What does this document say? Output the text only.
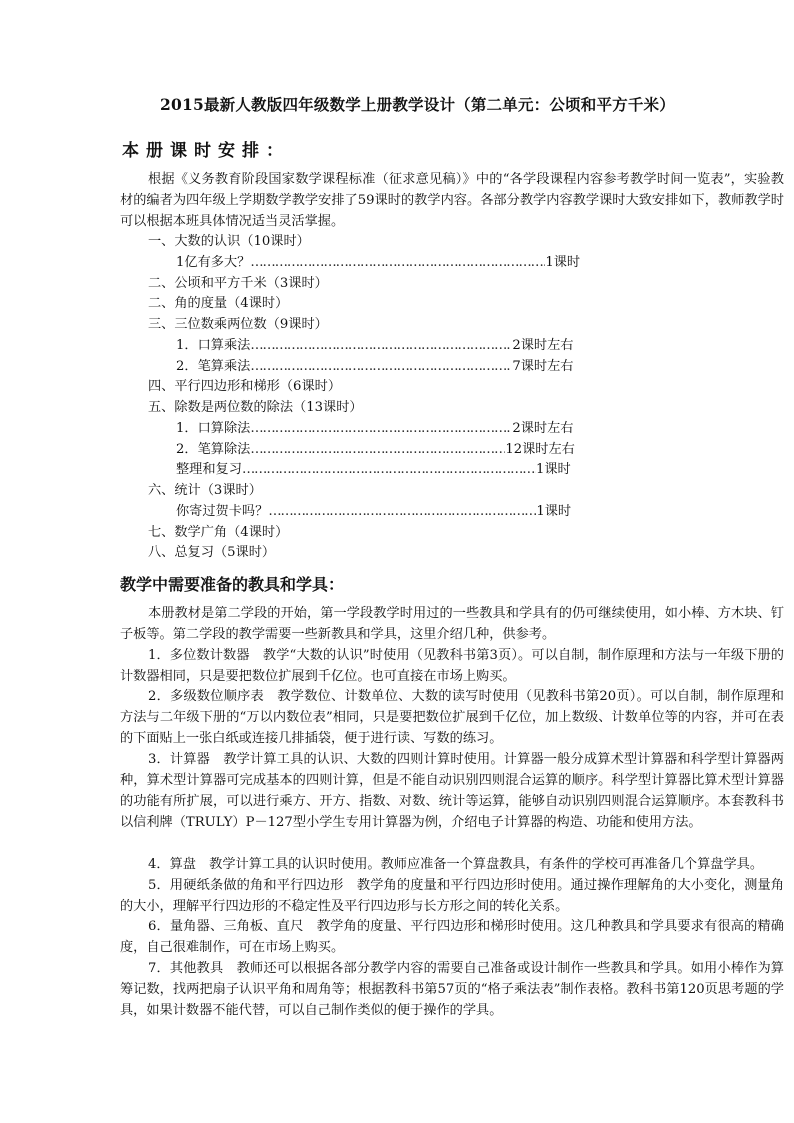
2015最新人教版四年级数学上册教学设计（第二单元：公顷和平方千米）
本册课时安排：
根据《义务教育阶段国家数学课程标准（征求意见稿）》中的“各学段课程内容参考教学时间一览表”，实验教材的编者为四年级上学期数学教学安排了59课时的教学内容。各部分教学内容教学课时大致安排如下，教师教学时可以根据本班具体情况适当灵活掌握。
一、大数的认识（10课时）
1亿有多大？ …………………………………………………………………………………………………………………………	1课时
二、公顷和平方千米（3课时）
二、角的度量（4课时）
三、三位数乘两位数（9课时）
1．口算乘法 …………………………………………………………………………………………………………………………	2课时左右
2．笔算乘法 …………………………………………………………………………………………………………………………	7课时左右
四、平行四边形和梯形（6课时）
五、除数是两位数的除法（13课时）
1．口算除法 …………………………………………………………………………………………………………………………	2课时左右
2．笔算除法 …………………………………………………………………………………………………………………………	12课时左右
整理和复习 …………………………………………………………………………………………………………………………	1课时
六、统计（3课时）
你寄过贺卡吗？ …………………………………………………………………………………………………………………………	1课时
七、数学广角（4课时）
八、总复习（5课时）
教学中需要准备的教具和学具：
本册教材是第二学段的开始，第一学段教学时用过的一些教具和学具有的仍可继续使用，如小棒、方木块、钉子板等。第二学段的教学需要一些新教具和学具，这里介绍几种，供参考。
1．多位数计数器　教学“大数的认识”时使用（见教科书第3页）。可以自制，制作原理和方法与一年级下册的计数器相同，只是要把数位扩展到千亿位。也可直接在市场上购买。
2．多级数位顺序表　教学数位、计数单位、大数的读写时使用（见教科书第20页）。可以自制，制作原理和方法与二年级下册的“万以内数位表”相同，只是要把数位扩展到千亿位，加上数级、计数单位等的内容，并可在表的下面贴上一张白纸或连接几排插袋，便于进行读、写数的练习。
3．计算器　教学计算工具的认识、大数的四则计算时使用。计算器一般分成算术型计算器和科学型计算器两种，算术型计算器可完成基本的四则计算，但是不能自动识别四则混合运算的顺序。科学型计算器比算术型计算器的功能有所扩展，可以进行乘方、开方、指数、对数、统计等运算，能够自动识别四则混合运算顺序。本套教科书以信利牌（TRULY）P－127型小学生专用计算器为例，介绍电子计算器的构造、功能和使用方法。
4．算盘　教学计算工具的认识时使用。教师应准备一个算盘教具，有条件的学校可再准备几个算盘学具。
5．用硬纸条做的角和平行四边形　教学角的度量和平行四边形时使用。通过操作理解角的大小变化，测量角的大小，理解平行四边形的不稳定性及平行四边形与长方形之间的转化关系。
6．量角器、三角板、直尺　教学角的度量、平行四边形和梯形时使用。这几种教具和学具要求有很高的精确度，自己很难制作，可在市场上购买。
7．其他教具　教师还可以根据各部分教学内容的需要自己准备或设计制作一些教具和学具。如用小棒作为算筹记数，找两把扇子认识平角和周角等；根据教科书第57页的“格子乘法表”制作表格。教科书第120页思考题的学具，如果计数器不能代替，可以自己制作类似的便于操作的学具。
